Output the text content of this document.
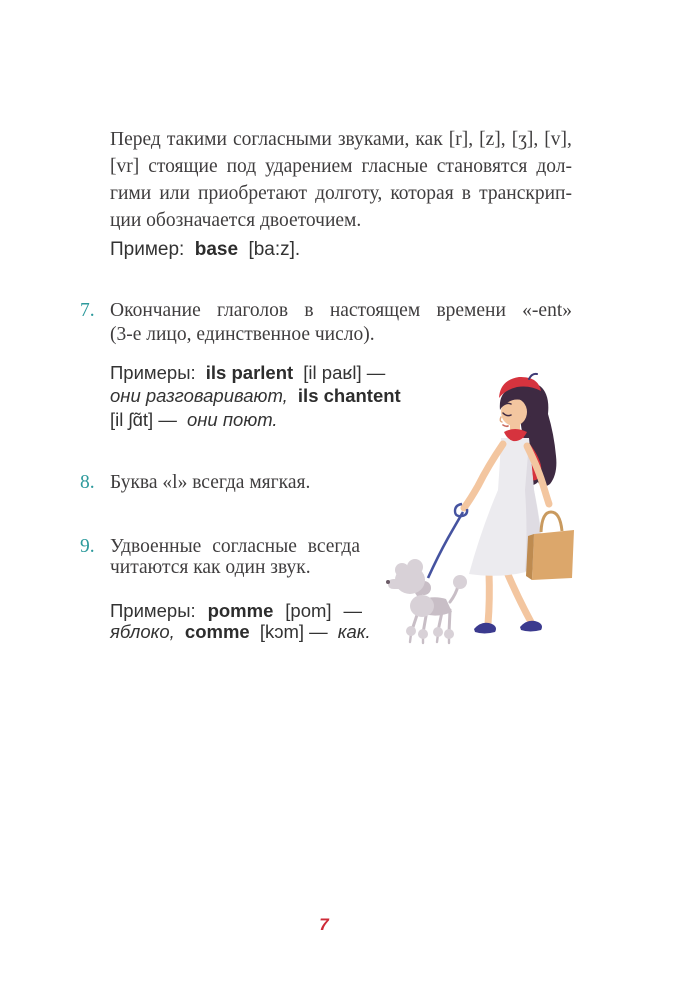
Перед такими согласными звуками, как [r], [z], [ʒ], [v],
[vr] стоящие под ударением гласные становятся дол-
гими или приобретают долготу, которая в транскрип-
ции обозначается двоеточием.
Пример: base [ba:z].
7. Окончание глаголов в настоящем времени «-ent»
(3-е лицо, единственное число).
Примеры: ils parlent [il paʁl] —
они разговаривают, ils chantent
[il ʃɑ̃t] — они поют.
8. Буква «l» всегда мягкая.
9. Удвоенные согласные всегда
читаются как один звук.
Примеры: pomme [pom] —
яблоко, comme [kɔm] — как.
7
